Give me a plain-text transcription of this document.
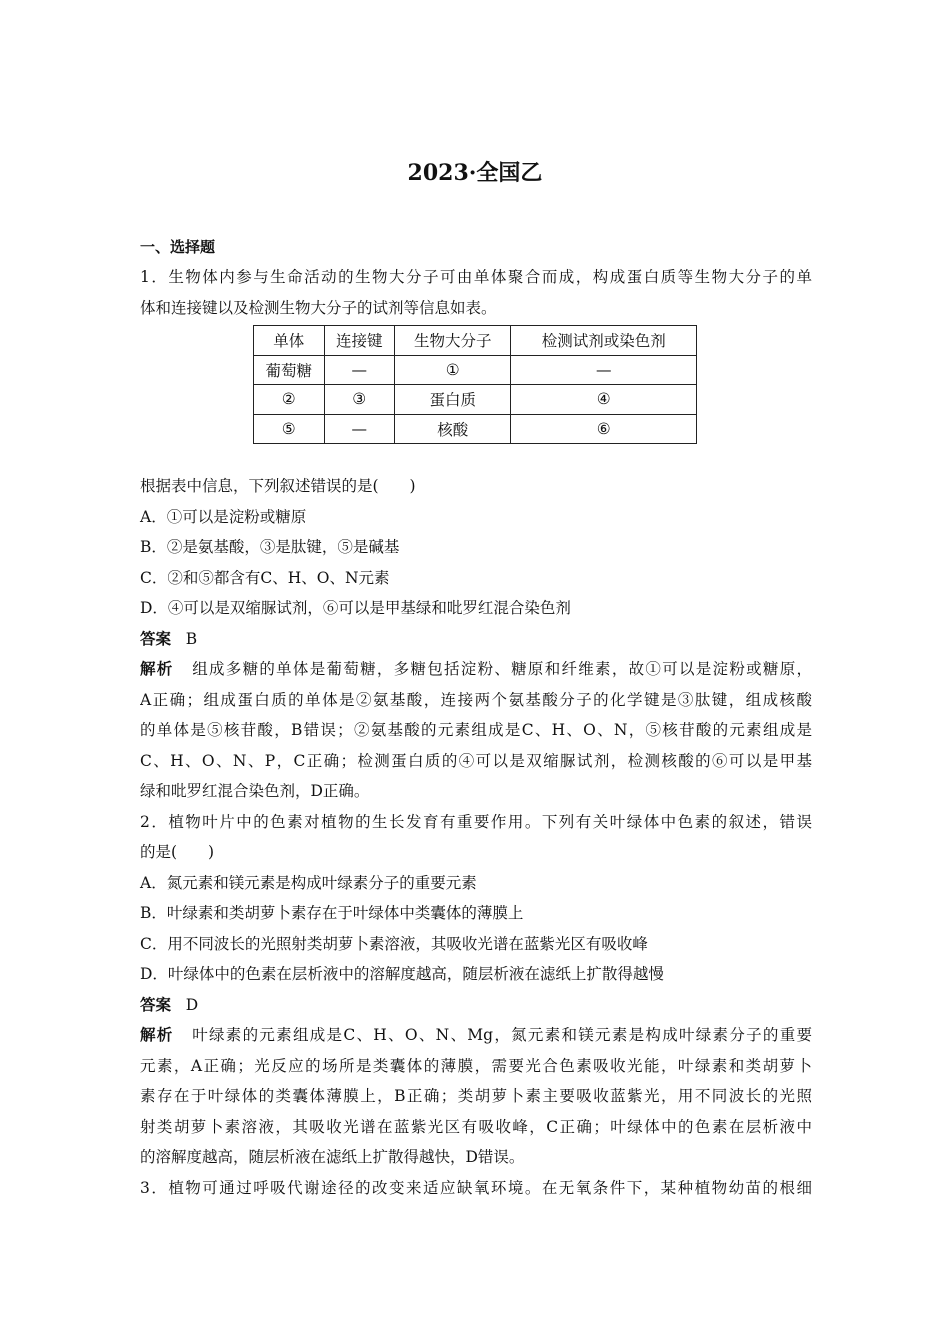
2023·全国乙
一、选择题
1．生物体内参与生命活动的生物大分子可由单体聚合而成，构成蛋白质等生物大分子的单
体和连接键以及检测生物大分子的试剂等信息如表。
单体	连接键	生物大分子	检测试剂或染色剂
葡萄糖	—	①	—
②	③	蛋白质	④
⑤	—	核酸	⑥
根据表中信息，下列叙述错误的是(　　)
A．①可以是淀粉或糖原
B．②是氨基酸，③是肽键，⑤是碱基
C．②和⑤都含有C、H、O、N元素
D．④可以是双缩脲试剂，⑥可以是甲基绿和吡罗红混合染色剂
答案 B
解析 组成多糖的单体是葡萄糖，多糖包括淀粉、糖原和纤维素，故①可以是淀粉或糖原，
A正确；组成蛋白质的单体是②氨基酸，连接两个氨基酸分子的化学键是③肽键，组成核酸
的单体是⑤核苷酸，B错误；②氨基酸的元素组成是C、H、O、N，⑤核苷酸的元素组成是
C、H、O、N、P，C正确；检测蛋白质的④可以是双缩脲试剂，检测核酸的⑥可以是甲基
绿和吡罗红混合染色剂，D正确。
2．植物叶片中的色素对植物的生长发育有重要作用。下列有关叶绿体中色素的叙述，错误
的是(　　)
A．氮元素和镁元素是构成叶绿素分子的重要元素
B．叶绿素和类胡萝卜素存在于叶绿体中类囊体的薄膜上
C．用不同波长的光照射类胡萝卜素溶液，其吸收光谱在蓝紫光区有吸收峰
D．叶绿体中的色素在层析液中的溶解度越高，随层析液在滤纸上扩散得越慢
答案 D
解析 叶绿素的元素组成是C、H、O、N、Mg，氮元素和镁元素是构成叶绿素分子的重要
元素，A正确；光反应的场所是类囊体的薄膜，需要光合色素吸收光能，叶绿素和类胡萝卜
素存在于叶绿体的类囊体薄膜上，B正确；类胡萝卜素主要吸收蓝紫光，用不同波长的光照
射类胡萝卜素溶液，其吸收光谱在蓝紫光区有吸收峰，C正确；叶绿体中的色素在层析液中
的溶解度越高，随层析液在滤纸上扩散得越快，D错误。
3．植物可通过呼吸代谢途径的改变来适应缺氧环境。在无氧条件下，某种植物幼苗的根细
